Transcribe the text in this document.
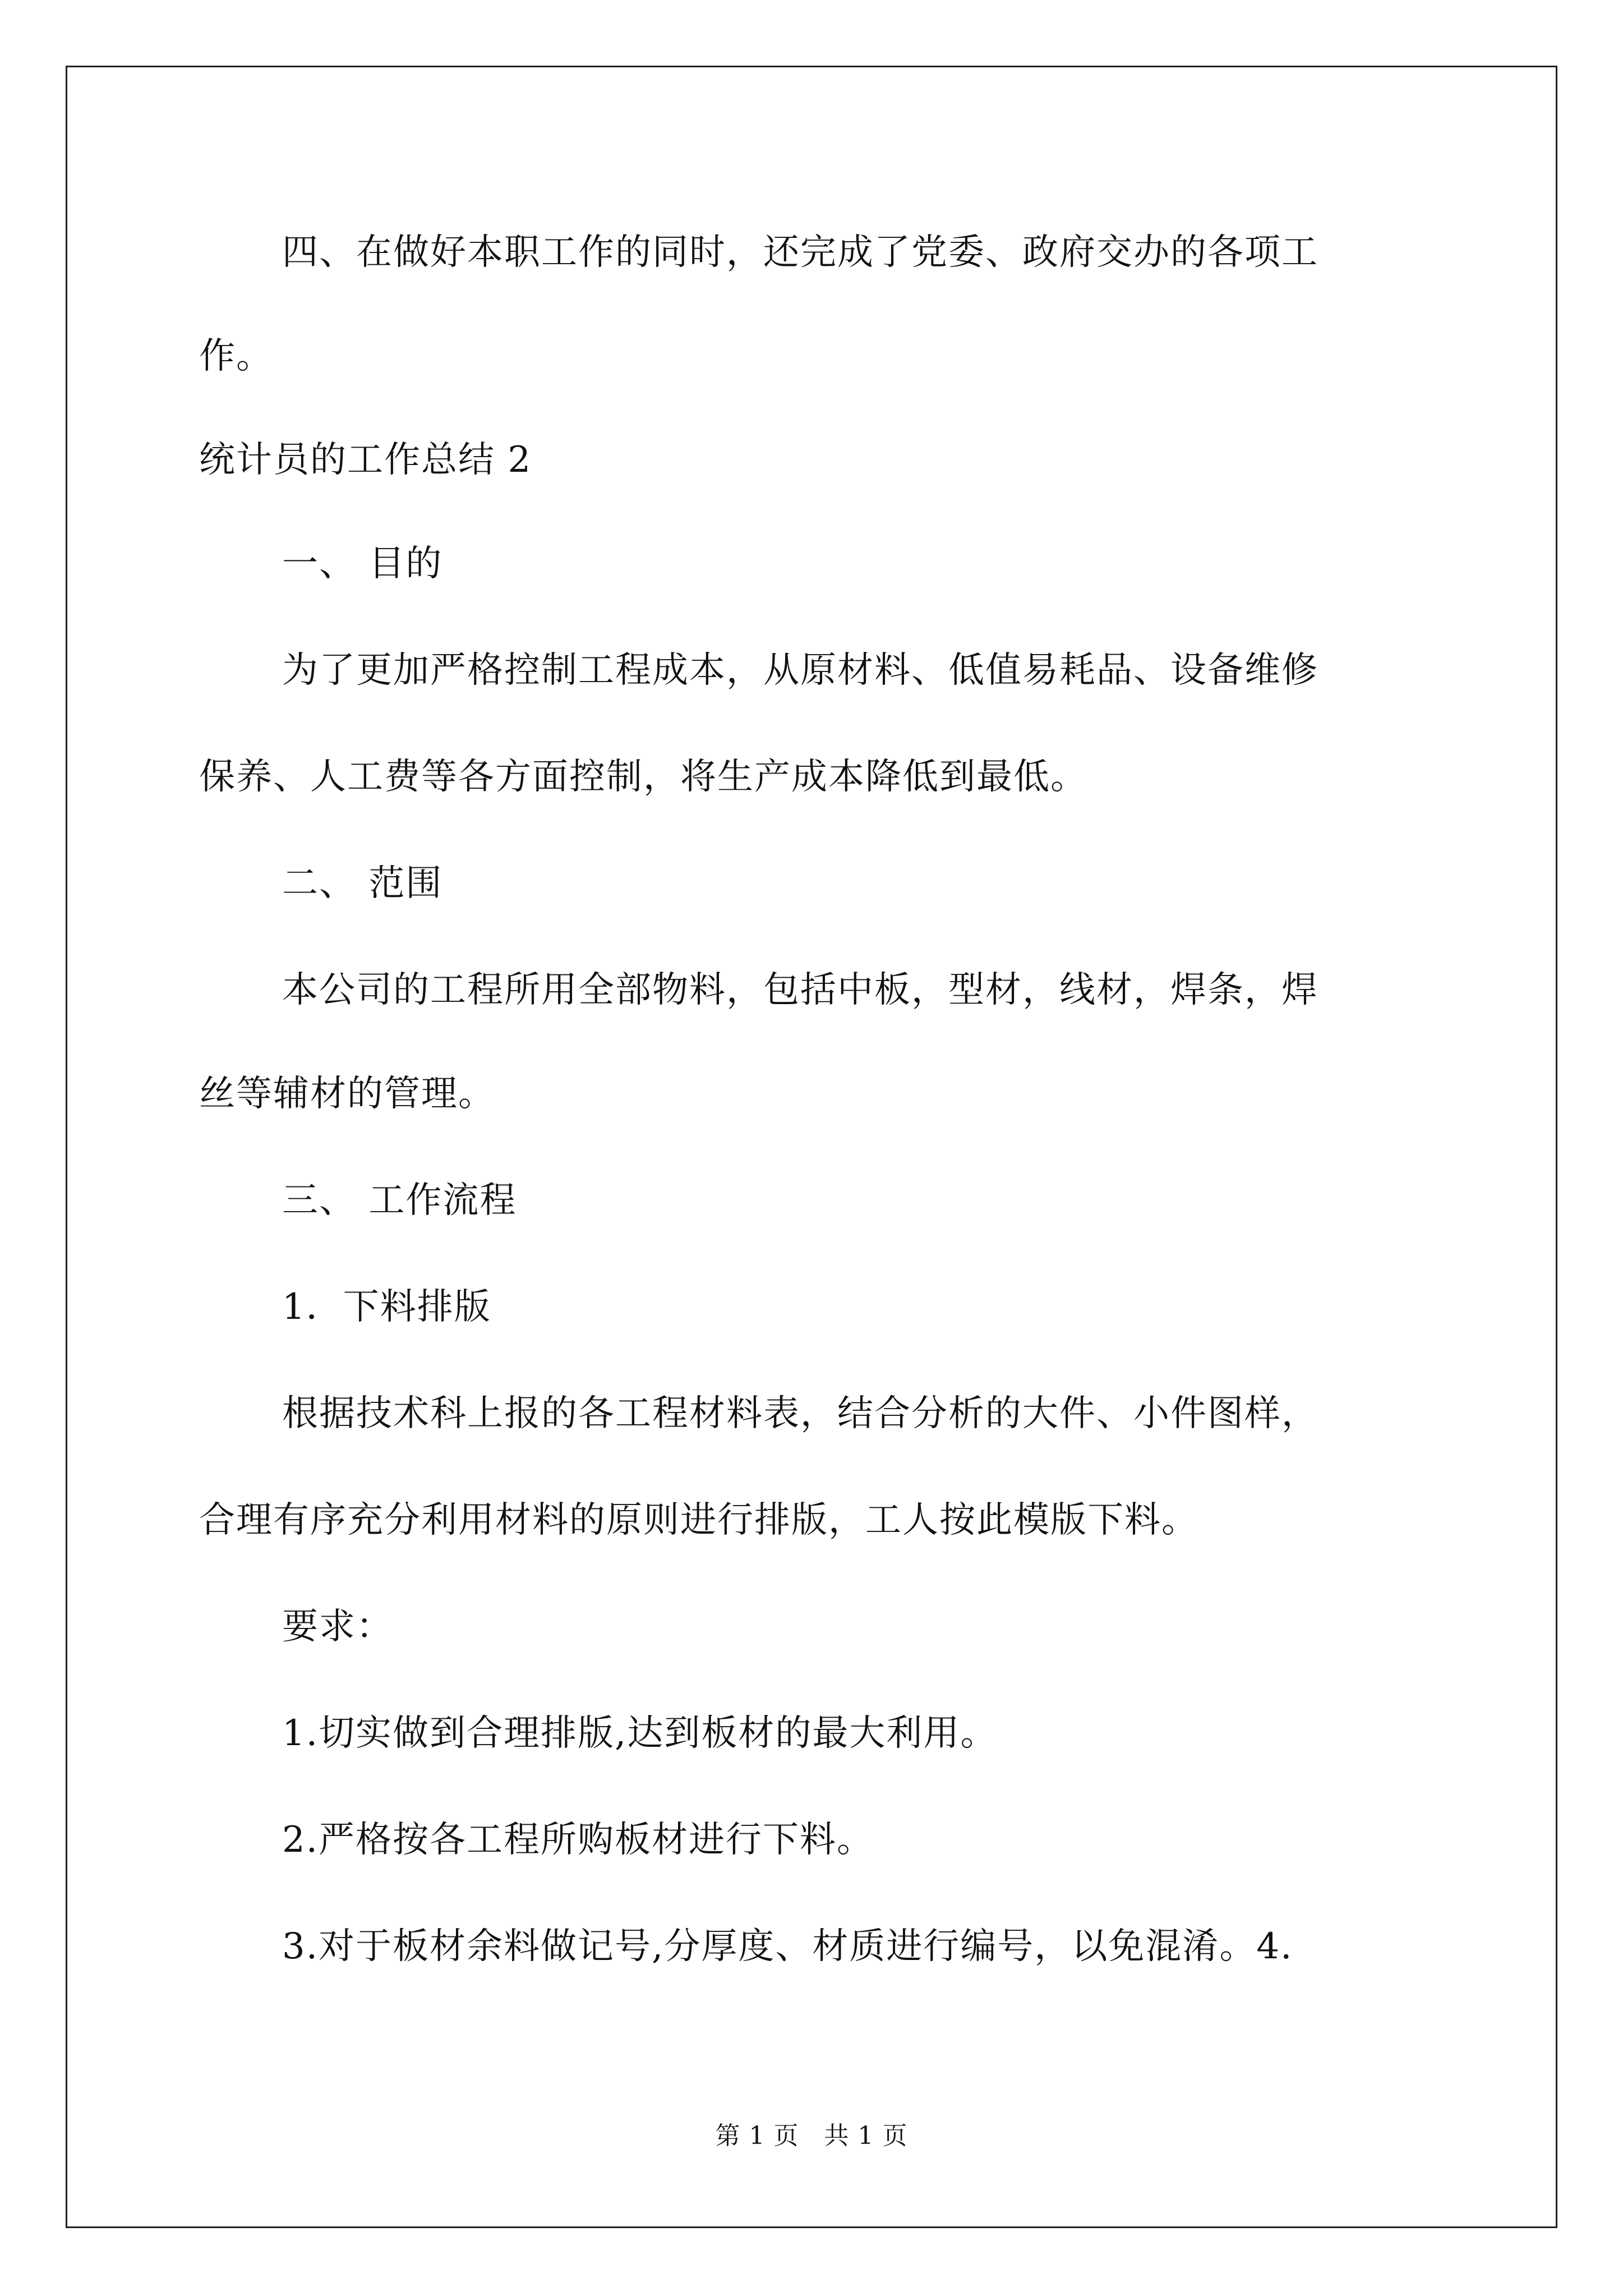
四、在做好本职工作的同时，还完成了党委、政府交办的各项工
作。
统计员的工作总结 2
一、 目的
为了更加严格控制工程成本，从原材料、低值易耗品、设备维修
保养、人工费等各方面控制，将生产成本降低到最低。
二、 范围
本公司的工程所用全部物料，包括中板，型材，线材，焊条，焊
丝等辅材的管理。
三、 工作流程
1．下料排版
根据技术科上报的各工程材料表，结合分析的大件、小件图样，
合理有序充分利用材料的原则进行排版，工人按此模版下料。
要求：
1.切实做到合理排版,达到板材的最大利用。
2.严格按各工程所购板材进行下料。
3.对于板材余料做记号,分厚度、材质进行编号，以免混淆。4.
第 1 页　共 1 页
